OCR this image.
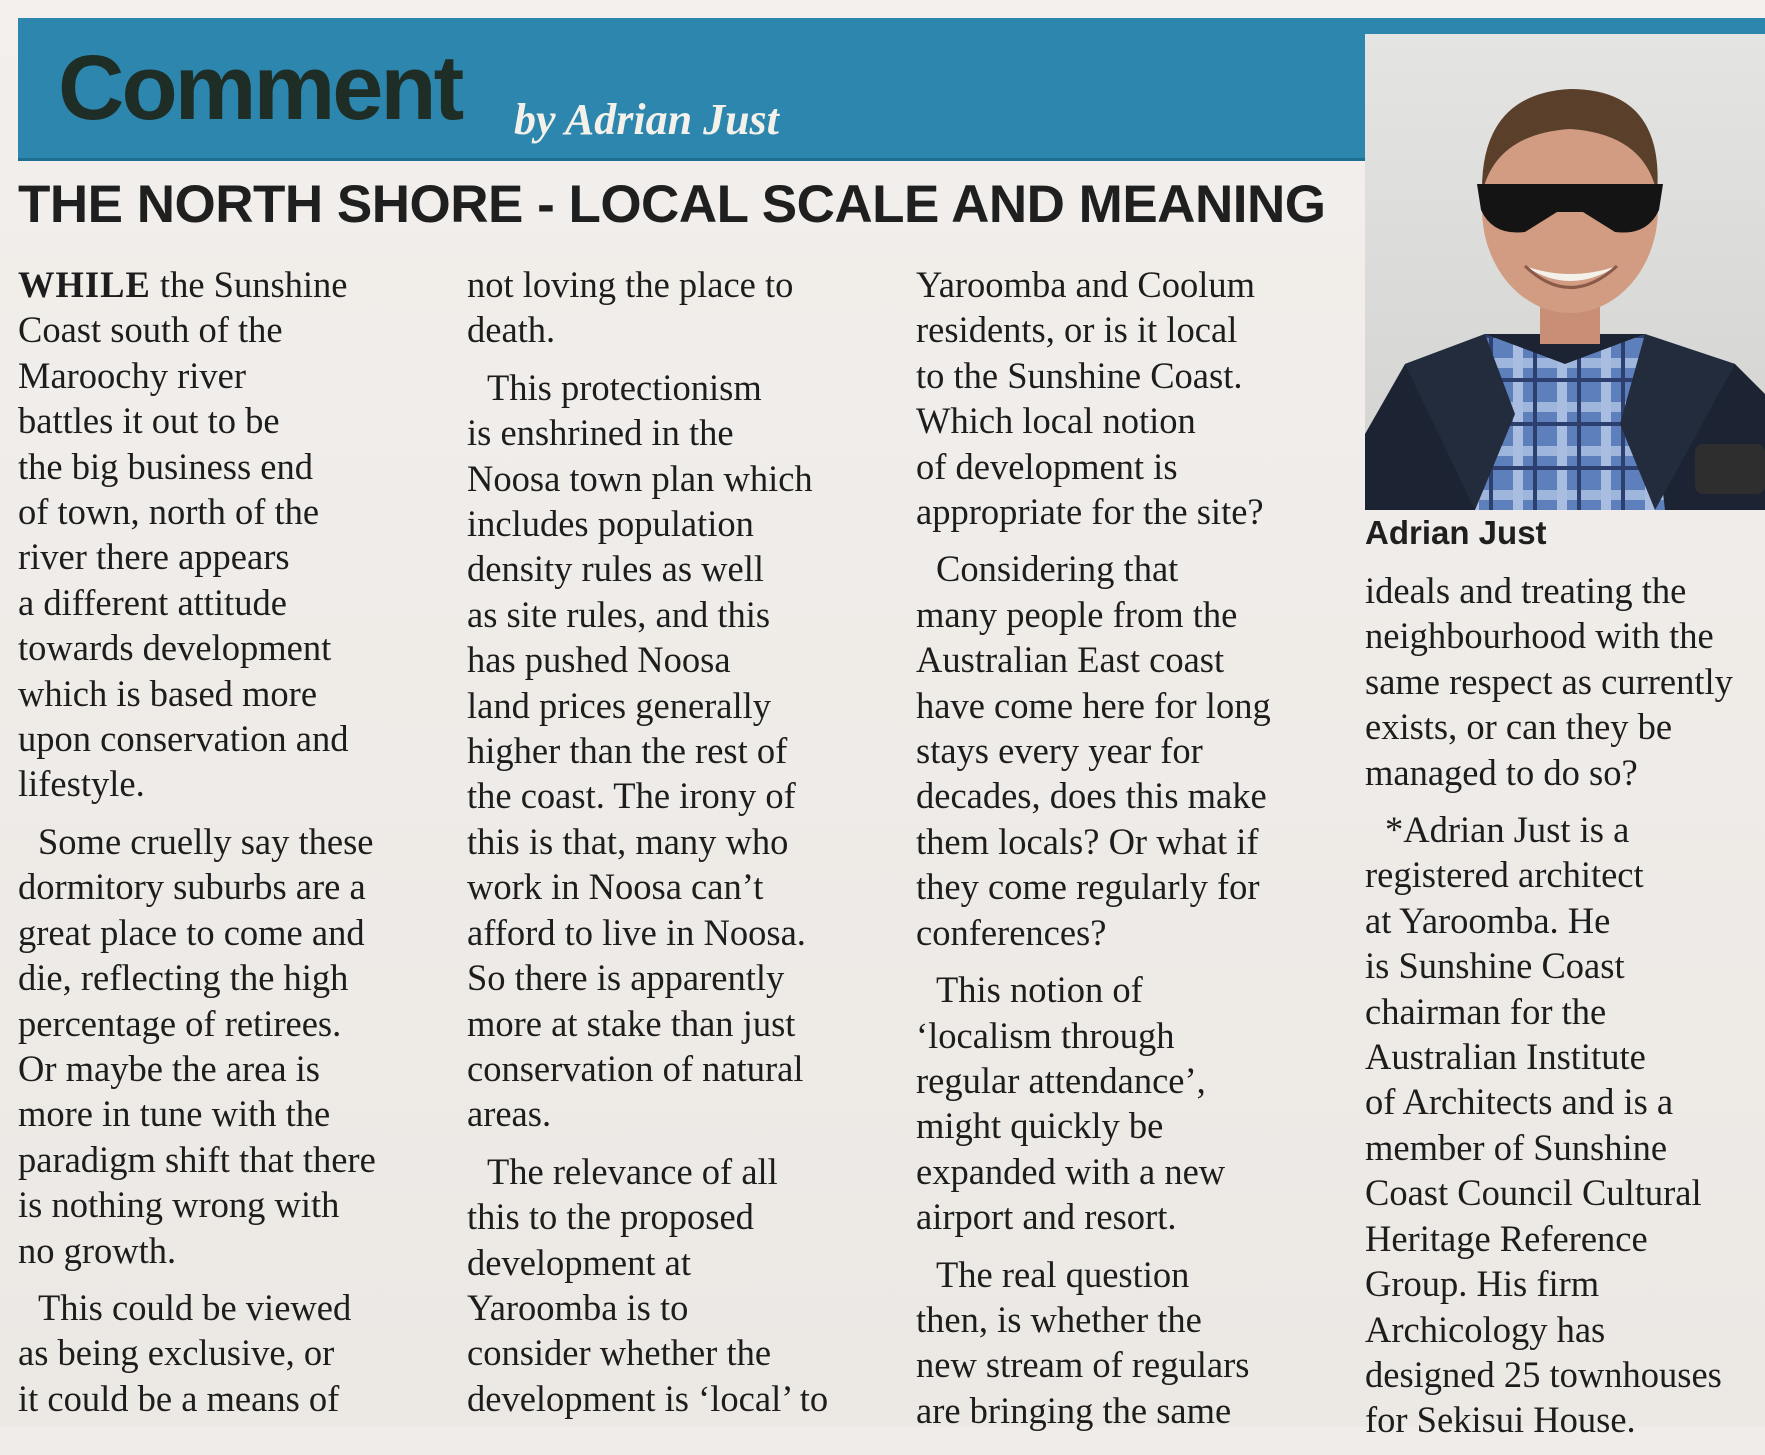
Comment by Adrian Just
Adrian Just
THE NORTH SHORE - LOCAL SCALE AND MEANING

WHILE the Sunshine
Coast south of the
Maroochy river
battles it out to be
the big business end
of town, north of the
river there appears
a different attitude
towards development
which is based more
upon conservation and
lifestyle.

Some cruelly say these
dormitory suburbs are a
great place to come and
die, reflecting the high
percentage of retirees.
Or maybe the area is
more in tune with the
paradigm shift that there
is nothing wrong with
no growth.

This could be viewed
as being exclusive, or
it could be a means of

not loving the place to
death.

This protectionism
is enshrined in the
Noosa town plan which
includes population
density rules as well
as site rules, and this
has pushed Noosa
land prices generally
higher than the rest of
the coast. The irony of
this is that, many who
work in Noosa can’t
afford to live in Noosa.
So there is apparently
more at stake than just
conservation of natural
areas.

The relevance of all
this to the proposed
development at
Yaroomba is to
consider whether the
development is ‘local’ to

Yaroomba and Coolum
residents, or is it local
to the Sunshine Coast.
Which local notion
of development is
appropriate for the site?

Considering that
many people from the
Australian East coast
have come here for long
stays every year for
decades, does this make
them locals? Or what if
they come regularly for
conferences?

This notion of
‘localism through
regular attendance’,
might quickly be
expanded with a new
airport and resort.

The real question
then, is whether the
new stream of regulars
are bringing the same

ideals and treating the
neighbourhood with the
same respect as currently
exists, or can they be
managed to do so?

*Adrian Just is a
registered architect
at Yaroomba. He
is Sunshine Coast
chairman for the
Australian Institute
of Architects and is a
member of Sunshine
Coast Council Cultural
Heritage Reference
Group. His firm
Archicology has
designed 25 townhouses
for Sekisui House.
